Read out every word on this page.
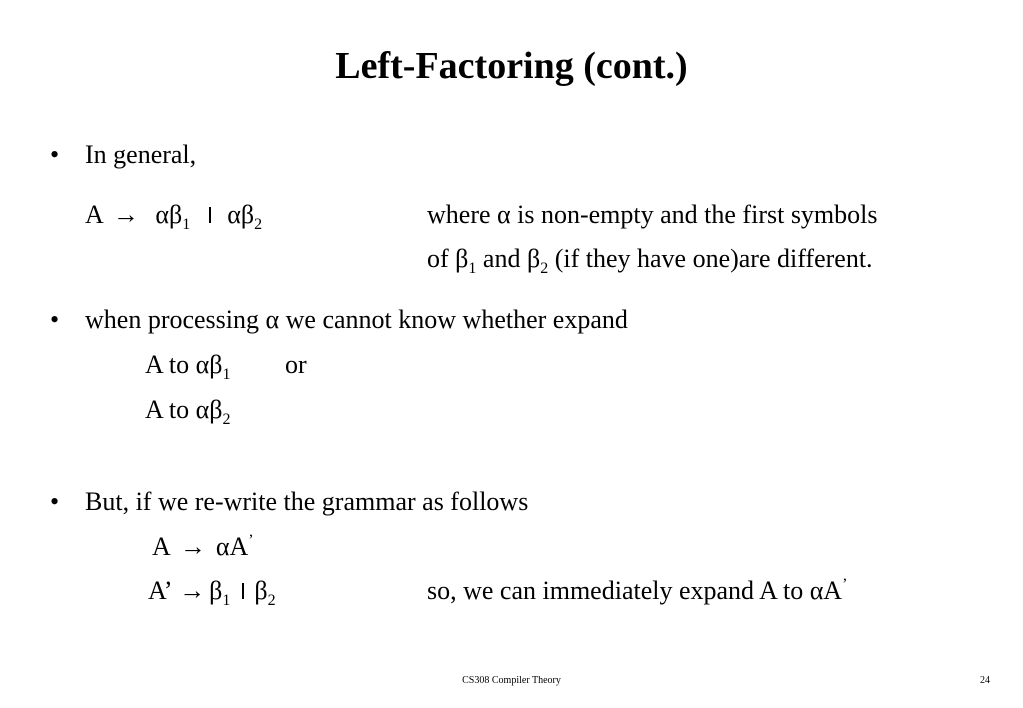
Left-Factoring (cont.)
• In general,
$A \to \alpha\beta_1$ $\alpha\beta_2$	where α is non-empty and the first symbols
of $\beta_1$ and $\beta_2$ (if they have one)are different.
• when processing α we cannot know whether expand
A to $\alpha\beta_1$ or
A to $\alpha\beta_2$
• But, if we re-write the grammar as follows
A → αA’
A’ → $\beta_1$ $\beta_2$	so, we can immediately expand A to αA’
CS308 Compiler Theory	24
